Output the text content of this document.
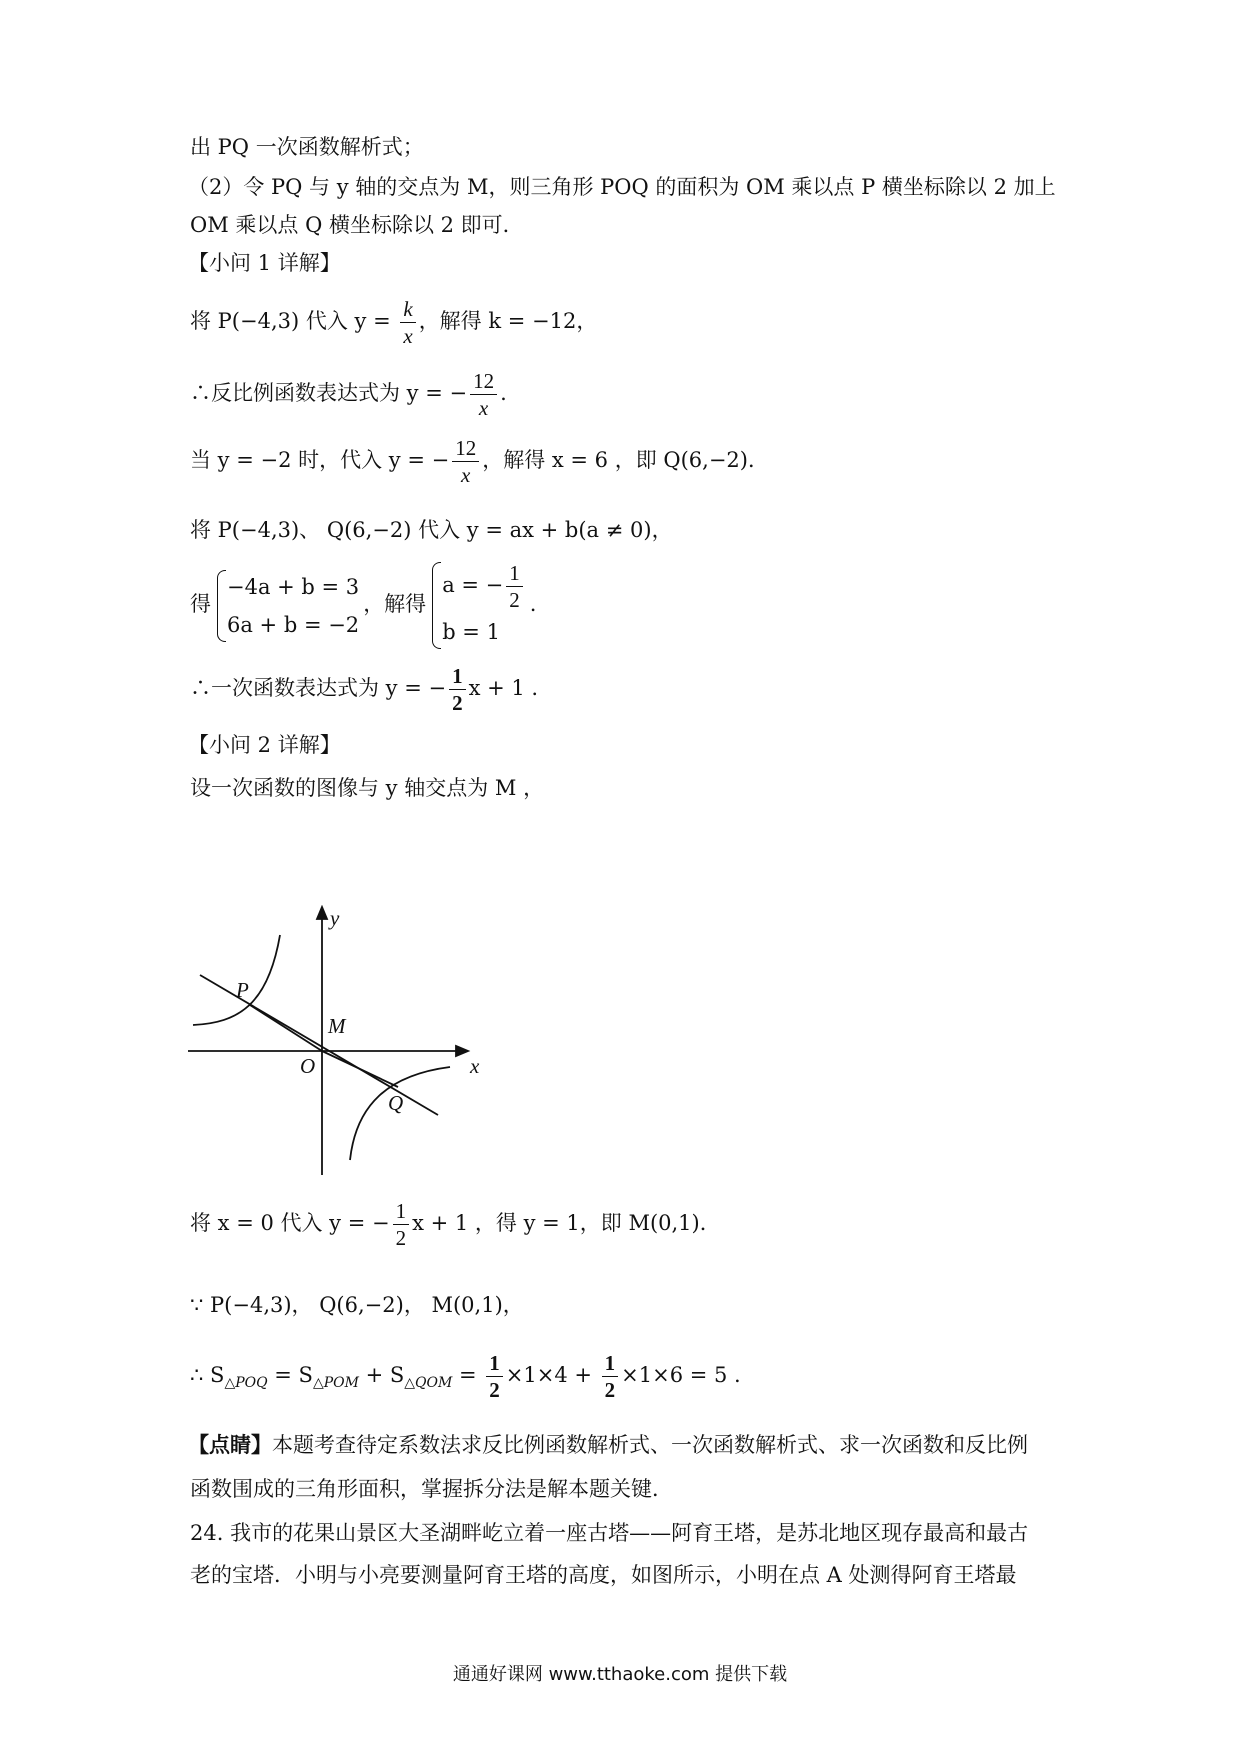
出 PQ 一次函数解析式；
（2）令 PQ 与 y 轴的交点为 M，则三角形 POQ 的面积为 OM 乘以点 P 横坐标除以 2 加上
OM 乘以点 Q 横坐标除以 2 即可．
【小问 1 详解】
将 P(−4,3) 代入 $y = \frac{k}{x}$ ，解得 k = −12，
∴反比例函数表达式为 y = − $\frac{12}{x}$ .
当 y = −2 时，代入 y = − $\frac{12}{x}$ ，解得 x = 6 ，即 Q(6,−2)．
将 P(−4,3)、 Q(6,−2) 代入 y = ax + b(a ≠ 0)，
得
−4a + b = 3
6a + b = −2
，解得
a = − $\frac{1}{2}$
b = 1
.
∴一次函数表达式为 y = − $\frac{1}{2}$ x + 1 .
【小问 2 详解】
设一次函数的图像与 y 轴交点为 M ，
y
x
O
P
M
Q
将 x = 0 代入 y = − $\frac{1}{2}$ x + 1 ，得 y = 1，即 M(0,1)．
∵ P(−4,3)， Q(6,−2)， M(0,1)，
∴ $S_{\triangle POQ} = S_{\triangle POM} + S_{\triangle QOM} = \frac{1}{2} \times 1\times 4 + \frac{1}{2} \times 1\times 6 = 5$ .
【点睛】本题考查待定系数法求反比例函数解析式、一次函数解析式、求一次函数和反比例
函数围成的三角形面积，掌握拆分法是解本题关键．
24. 我市的花果山景区大圣湖畔屹立着一座古塔——阿育王塔，是苏北地区现存最高和最古
老的宝塔．小明与小亮要测量阿育王塔的高度，如图所示，小明在点 A 处测得阿育王塔最
通通好课网 www.tthaoke.com 提供下载
